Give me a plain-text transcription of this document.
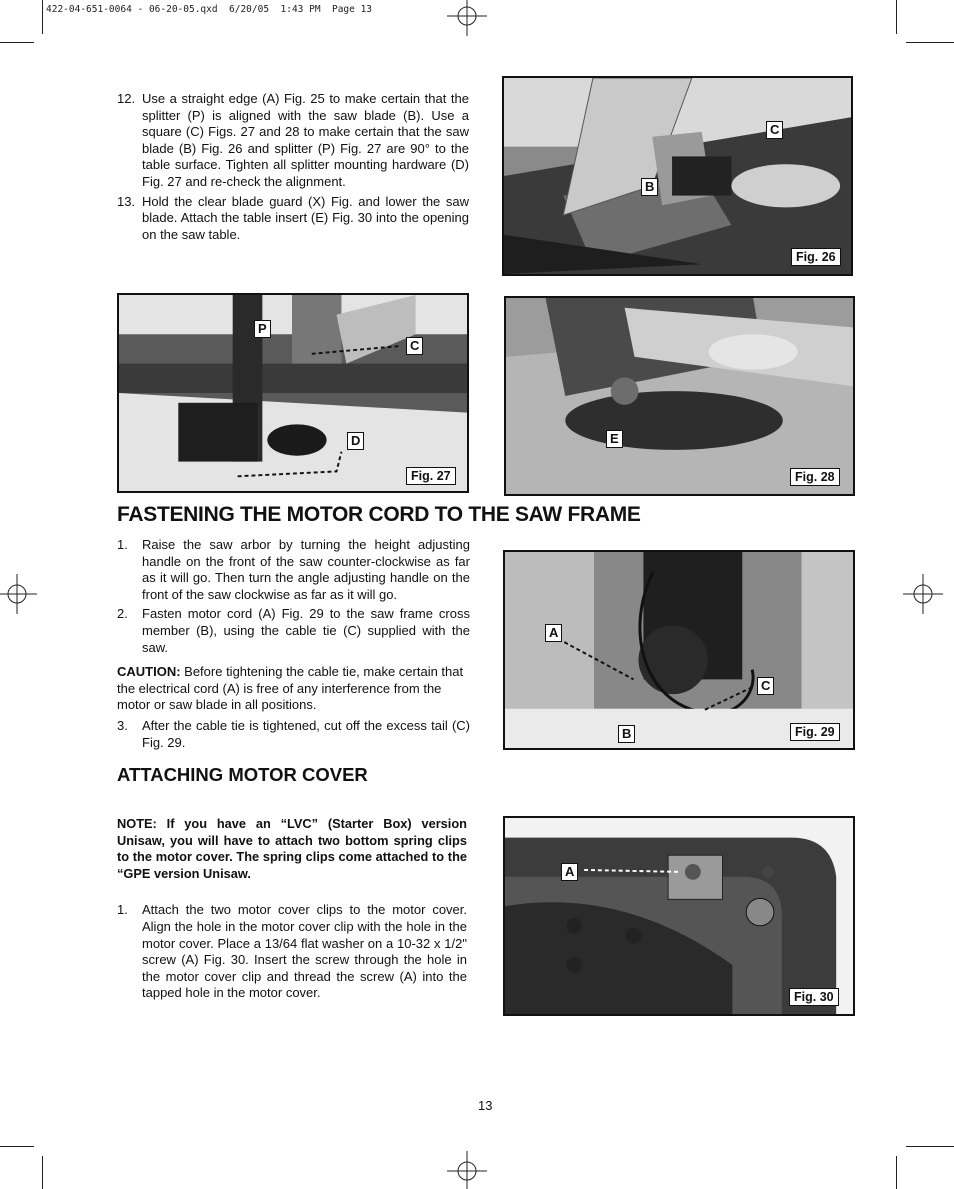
422-04-651-0064 - 06-20-05.qxd  6/20/05  1:43 PM  Page 13
12. Use a straight edge (A) Fig. 25 to make certain that the splitter (P) is aligned with the saw blade (B). Use a square (C) Figs. 27 and 28 to make certain that the saw blade (B) Fig. 26 and splitter (P) Fig. 27 are 90° to the table surface. Tighten all splitter mounting hardware (D) Fig. 27 and re-check the alignment.
13. Hold the clear blade guard (X) Fig. and lower the saw blade. Attach the table insert (E) Fig. 30 into the opening on the saw table.
C
B
Fig. 26
P
C
D
Fig. 27
E
Fig. 28
FASTENING THE MOTOR CORD TO THE SAW FRAME
1. Raise the saw arbor by turning the height adjusting handle on the front of the saw counter-clockwise as far as it will go. Then turn the angle adjusting handle on the front of the saw clockwise as far as it will go.
2. Fasten motor cord (A) Fig. 29 to the saw frame cross member (B), using the cable tie (C) supplied with the saw.
CAUTION: Before tightening the cable tie, make certain that the electrical cord (A) is free of any interference from the motor or saw blade in all positions.
3. After the cable tie is tightened, cut off the excess tail (C) Fig. 29.
A
C
B	Fig. 29
ATTACHING MOTOR COVER
NOTE: If you have an “LVC” (Starter Box) version Unisaw, you will have to attach two bottom spring clips to the motor cover. The spring clips come attached to the “GPE version Unisaw.
1. Attach the two motor cover clips to the motor cover. Align the hole in the motor cover clip with the hole in the motor cover. Place a 13/64 flat washer on a 10-32 x 1/2" screw (A) Fig. 30. Insert the screw through the hole in the motor cover clip and thread the screw (A) into the tapped hole in the motor cover.
A
Fig. 30
13
